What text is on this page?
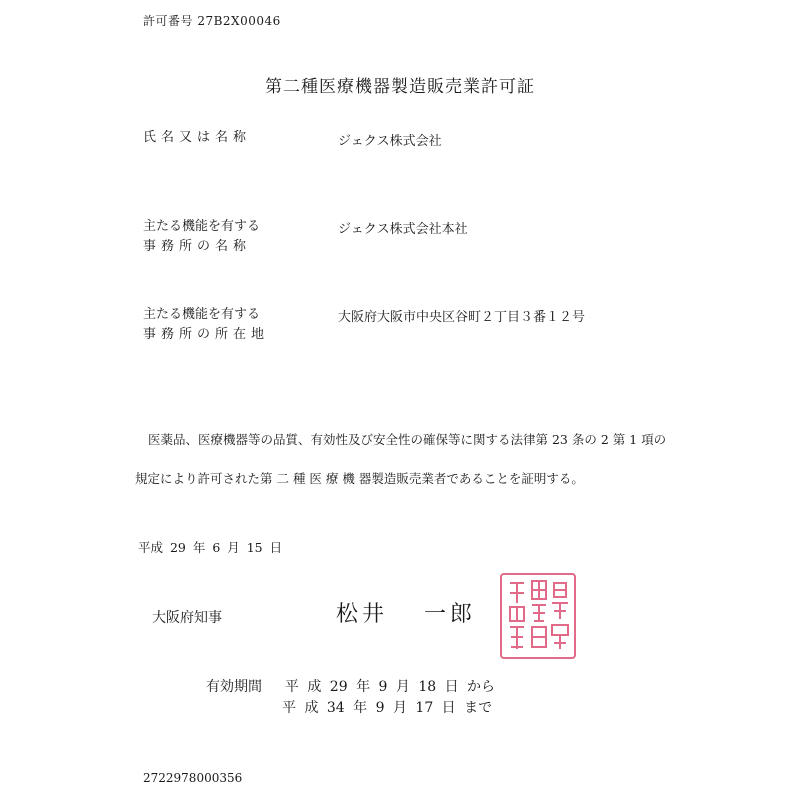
許可番号 27B2X00046
第二種医療機器製造販売業許可証
氏名又は名称	ジェクス株式会社
主たる機能を有する
事務所の名称
ジェクス株式会社本社
主たる機能を有する
事務所の所在地
大阪府大阪市中央区谷町２丁目３番１２号
医薬品、医療機器等の品質、有効性及び安全性の確保等に関する法律第 23 条の 2 第 1 項の
規定により許可された第 二 種 医 療 機 器製造販売業者であることを証明する。
平成 29 年 6 月 15 日
大阪府知事	松井 一郎
有効期間 平 成 29 年 9 月 18 日 から
平 成 34 年 9 月 17 日 まで
2722978000356
